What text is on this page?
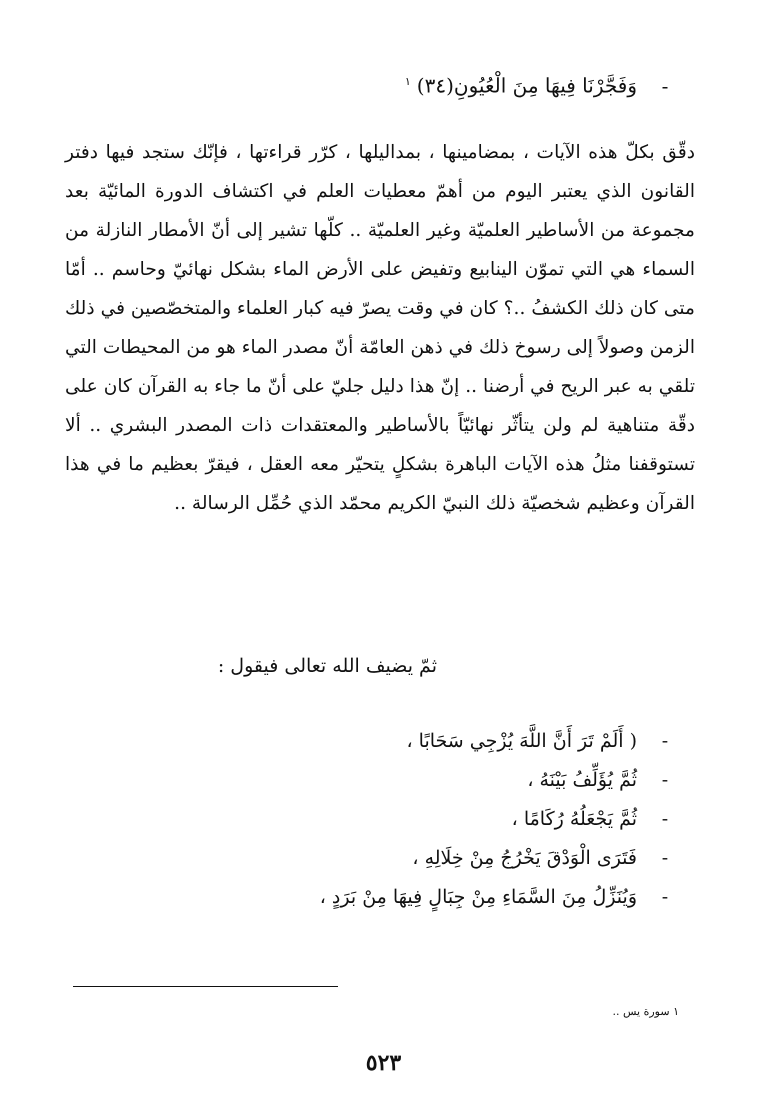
-وَفَجَّرْنَا فِيهَا مِنَ الْعُيُونِ(٣٤)$^١$

دقّق بكلّ هذه الآيات ، بمضامينها ، بمداليلها ، كرّر قراءتها ، فإنّك ستجد فيها دفتر القانون الذي يعتبر اليوم من أهمّ معطيات العلم في اكتشاف الدورة المائيّة بعد مجموعة من الأساطير العلميّة وغير العلميّة .. كلّها تشير إلى أنّ الأمطار النازلة من السماء هي التي تموّن الينابيع وتفيض على الأرض الماء بشكل نهائيّ وحاسم .. أمّا متى كان ذلك الكشفُ ..؟ كان في وقت يصرّ فيه كبار العلماء والمتخصّصين في ذلك الزمن وصولاً إلى رسوخ ذلك في ذهن العامّة أنّ مصدر الماء هو من المحيطات التي تلقي به عبر الريح في أرضنا .. إنّ هذا دليل جليّ على أنّ ما جاء به القرآن كان على دقّة متناهية لم ولن يتأثّر نهائيّاً بالأساطير والمعتقدات ذات المصدر البشري .. ألا تستوقفنا مثلُ هذه الآيات الباهرة بشكلٍ يتحيّر معه العقل ، فيقرّ بعظيم ما في هذا القرآن وعظيم شخصيّة ذلك النبيّ الكريم محمّد الذي حُمِّل الرسالة ..

ثمّ يضيف الله تعالى فيقول :
-( أَلَمْ تَرَ أَنَّ اللَّهَ يُزْجِي سَحَابًا ،
-ثُمَّ يُؤَلِّفُ بَيْنَهُ ،
-ثُمَّ يَجْعَلُهُ رُكَامًا ،
-فَتَرَى الْوَدْقَ يَخْرُجُ مِنْ خِلَالِهِ ،
-وَيُنَزِّلُ مِنَ السَّمَاءِ مِنْ جِبَالٍ فِيهَا مِنْ بَرَدٍ ،
١ سورة يس ..
٥٢٣
